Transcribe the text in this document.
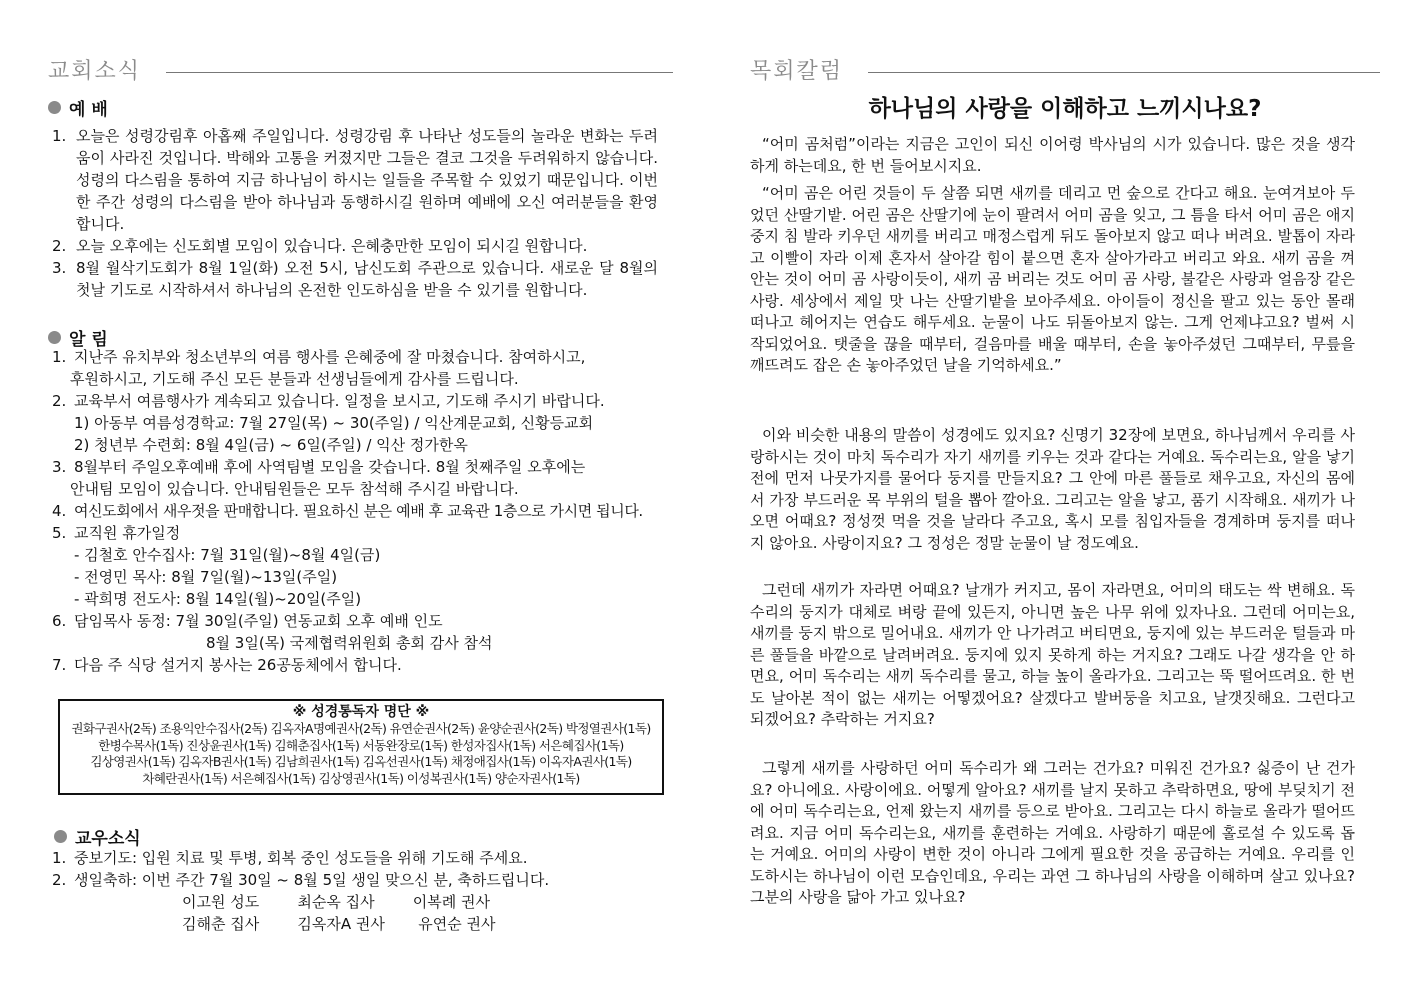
교회소식
예 배
1. 오늘은 성령강림후 아홉째 주일입니다. 성령강림 후 나타난 성도들의 놀라운 변화는 두려움이 사라진 것입니다. 박해와 고통을 커졌지만 그들은 결코 그것을 두려워하지 않습니다. 성령의 다스림을 통하여 지금 하나님이 하시는 일들을 주목할 수 있었기 때문입니다. 이번 한 주간 성령의 다스림을 받아 하나님과 동행하시길 원하며 예배에 오신 여러분들을 환영합니다.
2. 오늘 오후에는 신도회별 모임이 있습니다. 은혜충만한 모임이 되시길 원합니다.
3. 8월 월삭기도회가 8월 1일(화) 오전 5시, 남신도회 주관으로 있습니다. 새로운 달 8월의 첫날 기도로 시작하셔서 하나님의 온전한 인도하심을 받을 수 있기를 원합니다.
알 림
1. 지난주 유치부와 청소년부의 여름 행사를 은혜중에 잘 마쳤습니다. 참여하시고,
후원하시고, 기도해 주신 모든 분들과 선생님들에게 감사를 드립니다.
2. 교육부서 여름행사가 계속되고 있습니다. 일정을 보시고, 기도해 주시기 바랍니다.
1) 아동부 여름성경학교: 7월 27일(목) ~ 30(주일) / 익산계문교회, 신황등교회
2) 청년부 수련회: 8월 4일(금) ~ 6일(주일) / 익산 정가한옥
3. 8월부터 주일오후예배 후에 사역팀별 모임을 갖습니다. 8월 첫째주일 오후에는
안내팀 모임이 있습니다. 안내팀원들은 모두 참석해 주시길 바랍니다.
4. 여신도회에서 새우젓을 판매합니다. 필요하신 분은 예배 후 교육관 1층으로 가시면 됩니다.
5. 교직원 휴가일정
- 김철호 안수집사: 7월 31일(월)~8월 4일(금)
- 전영민 목사: 8월 7일(월)~13일(주일)
- 곽희명 전도사: 8월 14일(월)~20일(주일)
6. 담임목사 동정: 7월 30일(주일) 연동교회 오후 예배 인도
8월 3일(목) 국제협력위원회 총회 감사 참석
7. 다음 주 식당 설거지 봉사는 26공동체에서 합니다.
※ 성경통독자 명단 ※
권화구권사(2독) 조용익안수집사(2독) 김옥자A명예권사(2독) 유연순권사(2독) 윤양순권사(2독) 박정열권사(1독)
한병수목사(1독) 진상윤권사(1독) 김해춘집사(1독) 서동완장로(1독) 한성자집사(1독) 서은혜집사(1독)
김상영권사(1독) 김옥자B권사(1독) 김남희권사(1독) 김옥선권사(1독) 채정애집사(1독) 이옥자A권사(1독)
차혜란권사(1독) 서은혜집사(1독) 김상영권사(1독) 이성복권사(1독) 양순자권사(1독)
교우소식
1. 중보기도: 입원 치료 및 투병, 회복 중인 성도들을 위해 기도해 주세요.
2. 생일축하: 이번 주간 7월 30일 ~ 8월 5일 생일 맞으신 분, 축하드립니다.
이고원 성도        최순옥 집사        이복례 권사
김해춘 집사        김옥자A 권사       유연순 권사
목회칼럼
하나님의 사랑을 이해하고 느끼시나요?

“어미 곰처럼”이라는 지금은 고인이 되신 이어령 박사님의 시가 있습니다. 많은 것을 생각하게 하는데요, 한 번 들어보시지요.

“어미 곰은 어린 것들이 두 살쯤 되면 새끼를 데리고 먼 숲으로 간다고 해요. 눈여겨보아 두었던 산딸기밭. 어린 곰은 산딸기에 눈이 팔려서 어미 곰을 잊고, 그 틈을 타서 어미 곰은 애지중지 침 발라 키우던 새끼를 버리고 매정스럽게 뒤도 돌아보지 않고 떠나 버려요. 발톱이 자라고 이빨이 자라 이제 혼자서 살아갈 힘이 붙으면 혼자 살아가라고 버리고 와요. 새끼 곰을 껴안는 것이 어미 곰 사랑이듯이, 새끼 곰 버리는 것도 어미 곰 사랑, 불같은 사랑과 얼음장 같은 사랑. 세상에서 제일 맛 나는 산딸기밭을 보아주세요. 아이들이 정신을 팔고 있는 동안 몰래 떠나고 헤어지는 연습도 해두세요. 눈물이 나도 뒤돌아보지 않는. 그게 언제냐고요? 벌써 시작되었어요. 탯줄을 끊을 때부터, 걸음마를 배울 때부터, 손을 놓아주셨던 그때부터, 무릎을 깨뜨려도 잡은 손 놓아주었던 날을 기억하세요.”

이와 비슷한 내용의 말씀이 성경에도 있지요? 신명기 32장에 보면요, 하나님께서 우리를 사랑하시는 것이 마치 독수리가 자기 새끼를 키우는 것과 같다는 거예요. 독수리는요, 알을 낳기 전에 먼저 나뭇가지를 물어다 둥지를 만들지요? 그 안에 마른 풀들로 채우고요, 자신의 몸에서 가장 부드러운 목 부위의 털을 뽑아 깔아요. 그리고는 알을 낳고, 품기 시작해요. 새끼가 나오면 어때요? 정성껏 먹을 것을 날라다 주고요, 혹시 모를 침입자들을 경계하며 둥지를 떠나지 않아요. 사랑이지요? 그 정성은 정말 눈물이 날 정도예요.

그런데 새끼가 자라면 어때요? 날개가 커지고, 몸이 자라면요, 어미의 태도는 싹 변해요. 독수리의 둥지가 대체로 벼랑 끝에 있든지, 아니면 높은 나무 위에 있자나요. 그런데 어미는요, 새끼를 둥지 밖으로 밀어내요. 새끼가 안 나가려고 버티면요, 둥지에 있는 부드러운 털들과 마른 풀들을 바깥으로 날려버려요. 둥지에 있지 못하게 하는 거지요? 그래도 나갈 생각을 안 하면요, 어미 독수리는 새끼 독수리를 물고, 하늘 높이 올라가요. 그리고는 뚝 떨어뜨려요. 한 번도 날아본 적이 없는 새끼는 어떻겠어요? 살겠다고 발버둥을 치고요, 날갯짓해요. 그런다고 되겠어요? 추락하는 거지요?

그렇게 새끼를 사랑하던 어미 독수리가 왜 그러는 건가요? 미워진 건가요? 싫증이 난 건가요? 아니에요. 사랑이에요. 어떻게 알아요? 새끼를 날지 못하고 추락하면요, 땅에 부딪치기 전에 어미 독수리는요, 언제 왔는지 새끼를 등으로 받아요. 그리고는 다시 하늘로 올라가 떨어뜨려요. 지금 어미 독수리는요, 새끼를 훈련하는 거예요. 사랑하기 때문에 홀로설 수 있도록 돕는 거예요. 어미의 사랑이 변한 것이 아니라 그에게 필요한 것을 공급하는 거예요. 우리를 인도하시는 하나님이 이런 모습인데요, 우리는 과연 그 하나님의 사랑을 이해하며 살고 있나요? 그분의 사랑을 닮아 가고 있나요?
